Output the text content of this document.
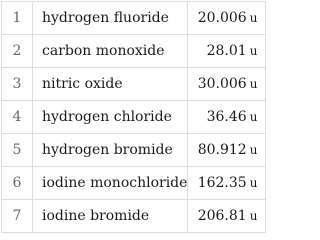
1	hydrogen fluoride	20.006 u
2	carbon monoxide	28.01 u
3	nitric oxide	30.006 u
4	hydrogen chloride	36.46 u
5	hydrogen bromide	80.912 u
6	iodine monochloride	162.35 u
7	iodine bromide	206.81 u
